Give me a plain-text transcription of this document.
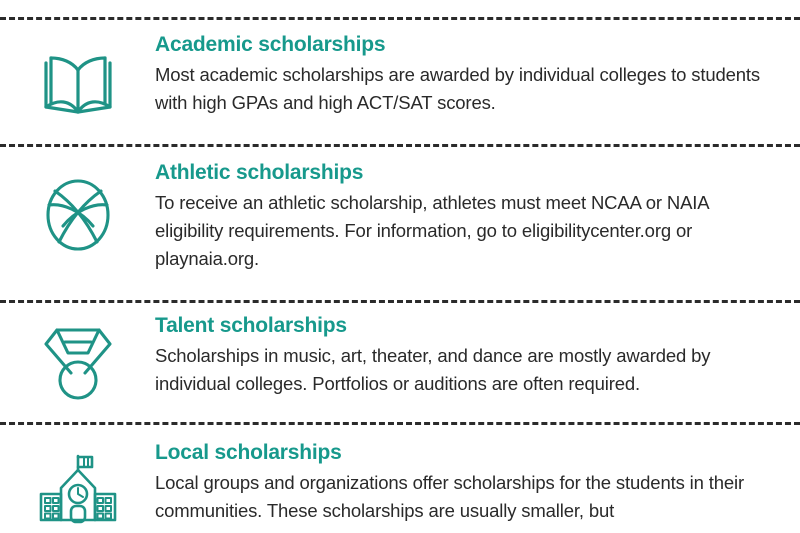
Academic scholarships

Most academic scholarships are awarded by individual colleges to students with high GPAs and high ACT/SAT scores.

Athletic scholarships

To receive an athletic scholarship, athletes must meet NCAA or NAIA eligibility requirements. For information, go to eligibilitycenter.org or playnaia.org.

Talent scholarships

Scholarships in music, art, theater, and dance are mostly awarded by individual colleges. Portfolios or auditions are often required.

Local scholarships

Local groups and organizations offer scholarships for the students in their communities. These scholarships are usually smaller, but
